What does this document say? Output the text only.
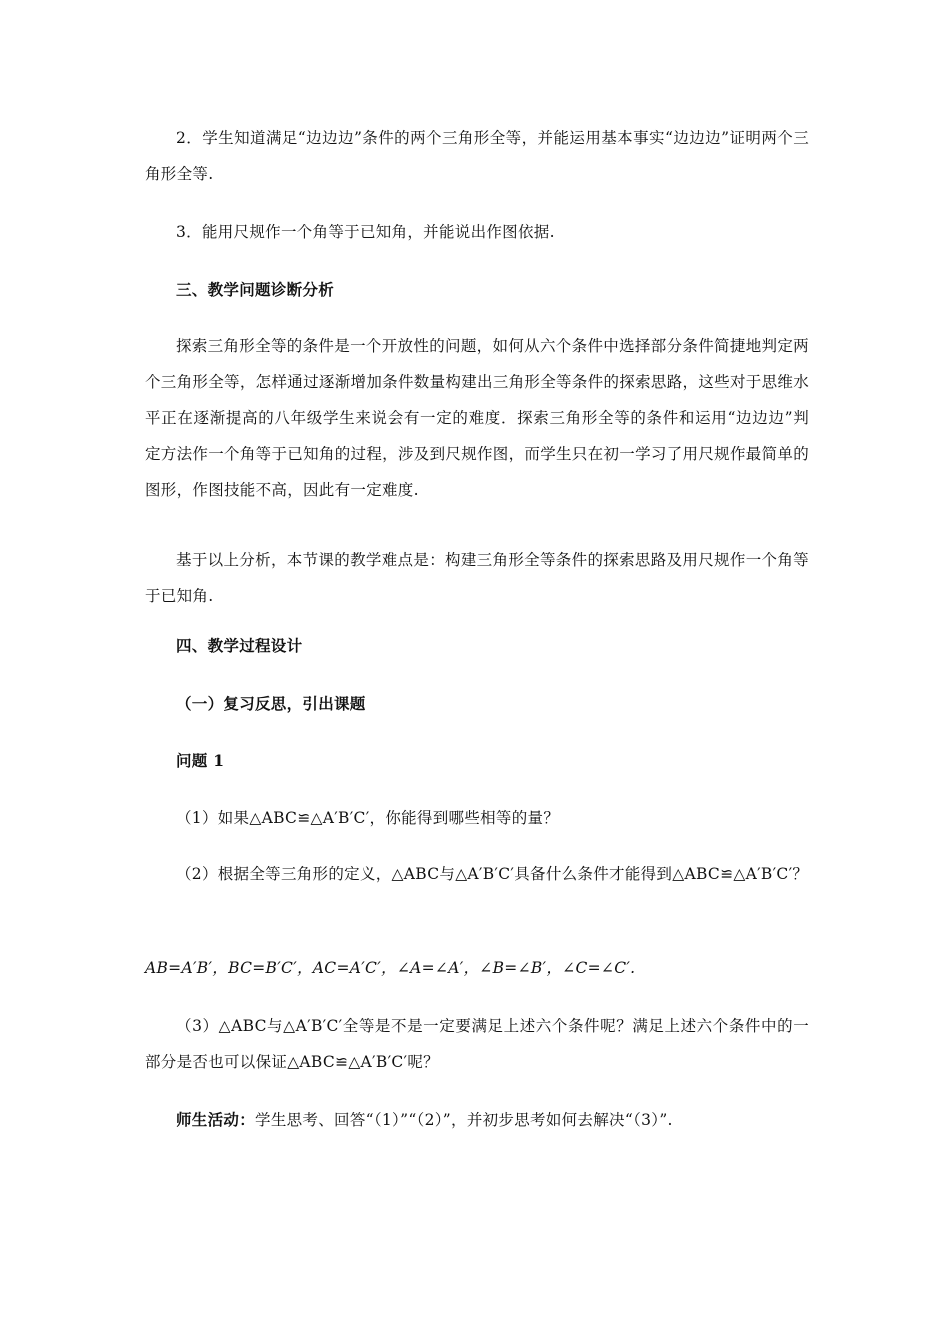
2．学生知道满足“边边边”条件的两个三角形全等，并能运用基本事实“边边边”证明两个三角形全等.

3．能用尺规作一个角等于已知角，并能说出作图依据.

三、教学问题诊断分析

探索三角形全等的条件是一个开放性的问题，如何从六个条件中选择部分条件简捷地判定两个三角形全等，怎样通过逐渐增加条件数量构建出三角形全等条件的探索思路，这些对于思维水平正在逐渐提高的八年级学生来说会有一定的难度．探索三角形全等的条件和运用“边边边”判定方法作一个角等于已知角的过程，涉及到尺规作图，而学生只在初一学习了用尺规作最简单的图形，作图技能不高，因此有一定难度.

基于以上分析，本节课的教学难点是：构建三角形全等条件的探索思路及用尺规作一个角等于已知角.

四、教学过程设计

（一）复习反思，引出课题

问题 1

（1）如果△ABC≌△A′B′C′，你能得到哪些相等的量？

（2）根据全等三角形的定义，△ABC与△A′B′C′具备什么条件才能得到△ABC≌△A′B′C′？

AB=A′B′，BC=B′C′，AC=A′C′，∠A=∠A′，∠B=∠B′，∠C=∠C′.

（3）△ABC与△A′B′C′全等是不是一定要满足上述六个条件呢？满足上述六个条件中的一部分是否也可以保证△ABC≌△A′B′C′呢？

师生活动：学生思考、回答“（1）”“（2）”，并初步思考如何去解决“（3）”.
